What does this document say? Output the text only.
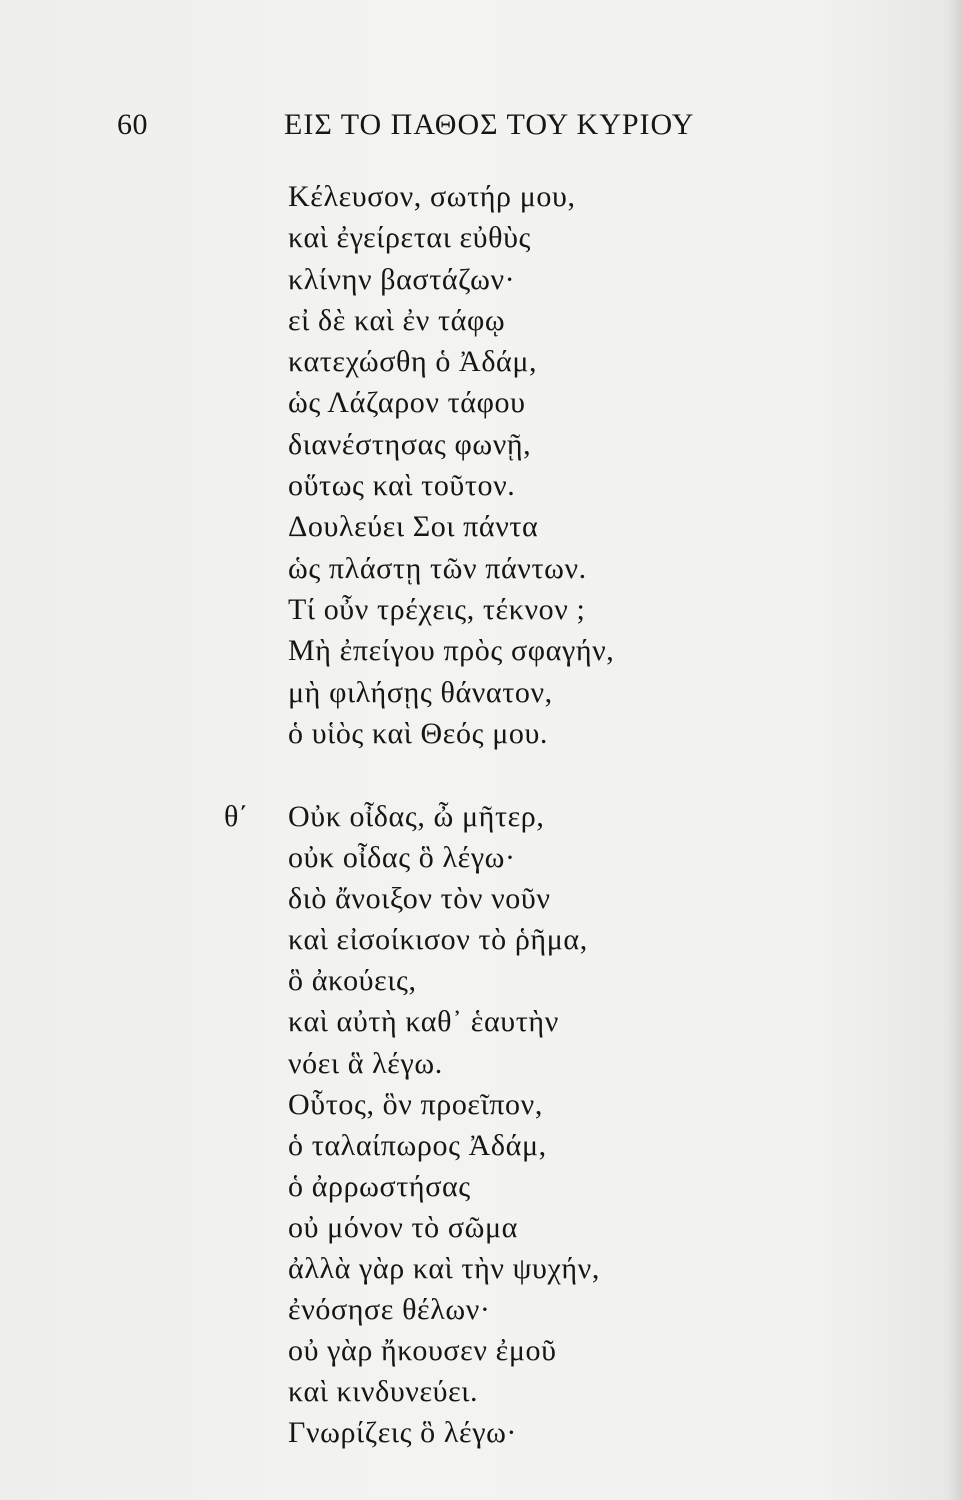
60	ΕΙΣ ΤΟ ΠΑΘΟΣ ΤΟΥ ΚΥΡΙΟΥ
Κέλευσον, σωτήρ μου,
καὶ ἐγείρεται εὐθὺς
κλίνην βαστάζων·
εἰ δὲ καὶ ἐν τάφῳ
κατεχώσθη ὁ Ἀδάμ,
ὡς Λάζαρον τάφου
διανέστησας φωνῇ,
οὕτως καὶ τοῦτον.
Δουλεύει Σοι πάντα
ὡς πλάστῃ τῶν πάντων.
Τί οὖν τρέχεις, τέκνον ;
Μὴ ἐπείγου πρὸς σφαγήν,
μὴ φιλήσῃς θάνατον,
ὁ υἱὸς καὶ Θεός μου.
θ΄ Οὐκ οἶδας, ὦ μῆτερ,
οὐκ οἶδας ὃ λέγω·
διὸ ἄνοιξον τὸν νοῦν
καὶ εἰσοίκισον τὸ ῥῆμα,
ὃ ἀκούεις,
καὶ αὐτὴ καθ᾿ ἑαυτὴν
νόει ἃ λέγω.
Οὗτος, ὃν προεῖπον,
ὁ ταλαίπωρος Ἀδάμ,
ὁ ἀρρωστήσας
οὐ μόνον τὸ σῶμα
ἀλλὰ γὰρ καὶ τὴν ψυχήν,
ἐνόσησε θέλων·
οὐ γὰρ ἤκουσεν ἐμοῦ
καὶ κινδυνεύει.
Γνωρίζεις ὃ λέγω·
